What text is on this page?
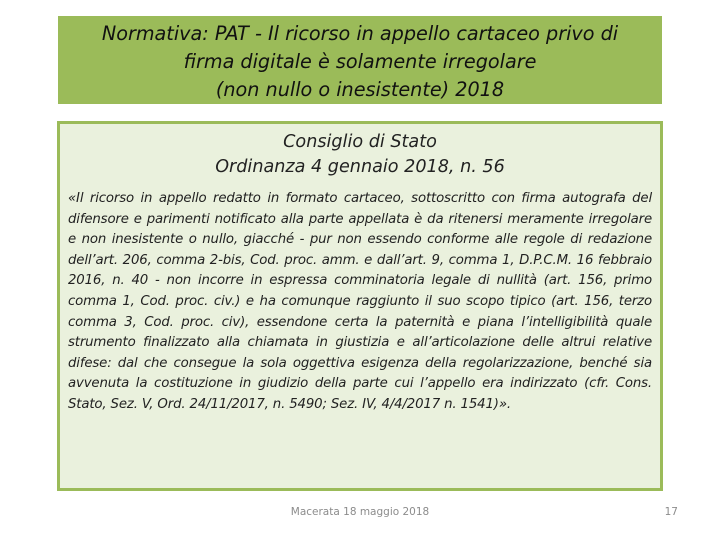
Normativa: PAT - Il ricorso in appello cartaceo privo di
firma digitale è solamente irregolare
(non nullo o inesistente) 2018
Consiglio di Stato
Ordinanza 4 gennaio 2018, n. 56
«Il ricorso in appello redatto in formato cartaceo, sottoscritto con firma autografa del difensore e parimenti notificato alla parte appellata è da ritenersi meramente irregolare e non inesistente o nullo, giacché - pur non essendo conforme alle regole di redazione dell’art. 206, comma 2-bis, Cod. proc. amm. e dall’art. 9, comma 1, D.P.C.M. 16 febbraio 2016, n. 40 - non incorre in espressa comminatoria legale di nullità (art. 156, primo comma 1, Cod. proc. civ.) e ha comunque raggiunto il suo scopo tipico (art. 156, terzo comma 3, Cod. proc. civ), essendone certa la paternità e piana l’intelligibilità quale strumento finalizzato alla chiamata in giustizia e all’articolazione delle altrui relative difese: dal che consegue la sola oggettiva esigenza della regolarizzazione, benché sia avvenuta la costituzione in giudizio della parte cui l’appello era indirizzato (cfr. Cons. Stato, Sez. V, Ord. 24/11/2017, n. 5490; Sez. IV, 4/4/2017 n. 1541)».
Macerata 18 maggio 2018	17
